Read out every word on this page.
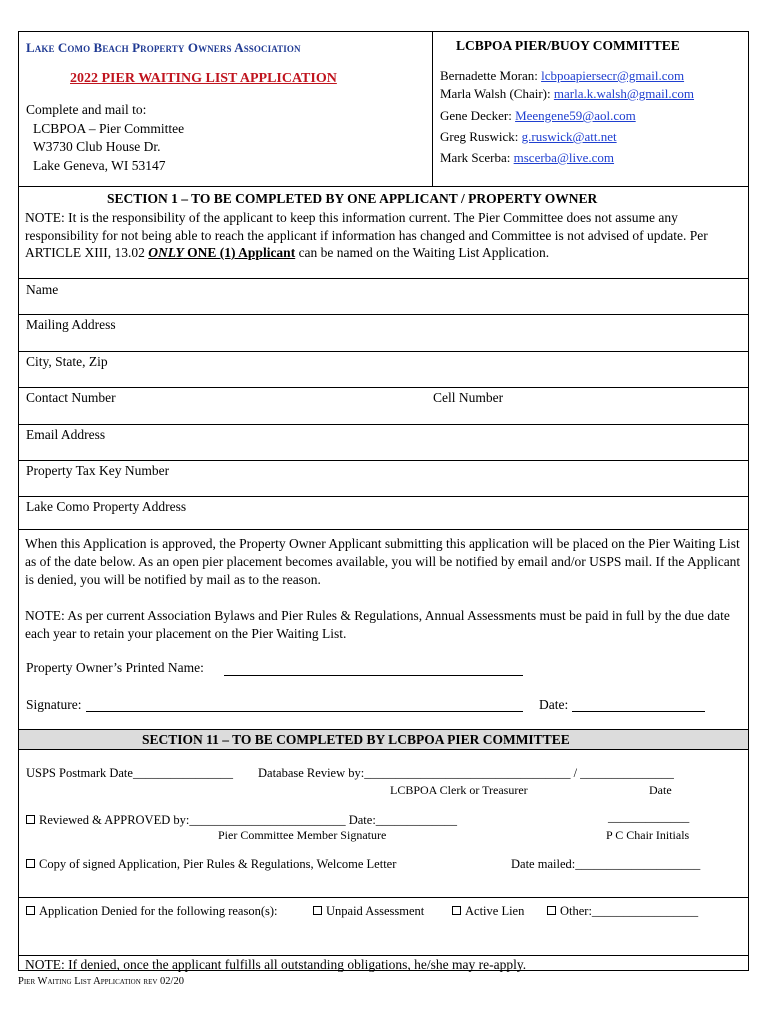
Lake Como Beach Property Owners Association
2022 PIER WAITING LIST APPLICATION
Complete and mail to:
LCBPOA – Pier Committee
W3730 Club House Dr.
Lake Geneva, WI 53147
LCBPOA PIER/BUOY COMMITTEE
Bernadette Moran: lcbpoapiersecr@gmail.com
Marla Walsh (Chair): marla.k.walsh@gmail.com
Gene Decker: Meengene59@aol.com
Greg Ruswick: g.ruswick@att.net
Mark Scerba: mscerba@live.com
SECTION 1 – TO BE COMPLETED BY ONE APPLICANT / PROPERTY OWNER
NOTE: It is the responsibility of the applicant to keep this information current. The Pier Committee does not assume any responsibility for not being able to reach the applicant if information has changed and Committee is not advised of update. Per ARTICLE XIII, 13.02 ONLY ONE (1) Applicant can be named on the Waiting List Application.
Name
Mailing Address
City, State, Zip
Contact Number	Cell Number
Email Address
Property Tax Key Number
Lake Como Property Address
When this Application is approved, the Property Owner Applicant submitting this application will be placed on the Pier Waiting List as of the date below. As an open pier placement becomes available, you will be notified by email and/or USPS mail. If the Applicant is denied, you will be notified by mail as to the reason.
NOTE: As per current Association Bylaws and Pier Rules & Regulations, Annual Assessments must be paid in full by the due date each year to retain your placement on the Pier Waiting List.
Property Owner’s Printed Name:
Signature:	Date:
SECTION 11 – TO BE COMPLETED BY LCBPOA PIER COMMITTEE
USPS Postmark Date________________ Database Review by:_________________________________ / _______________
LCBPOA Clerk or Treasurer	Date
Reviewed & APPROVED by:_________________________ Date:_____________	_____________
Pier Committee Member Signature	P C Chair Initials
Copy of signed Application, Pier Rules & Regulations, Welcome Letter	Date mailed:____________________
Application Denied for the following reason(s):	Unpaid Assessment	Active Lien	Other:_________________
NOTE: If denied, once the applicant fulfills all outstanding obligations, he/she may re-apply.
Pier Waiting List Application rev 02/20
